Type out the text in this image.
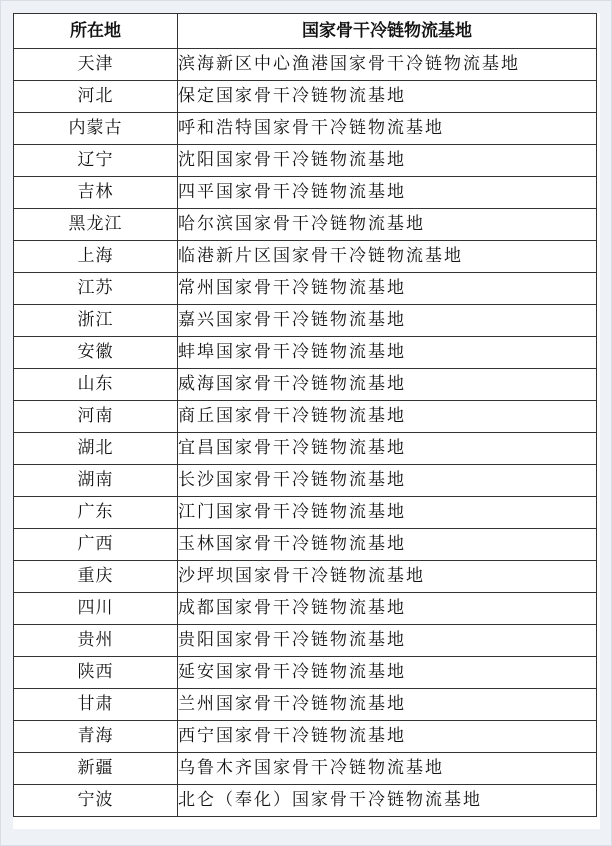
所在地	国家骨干冷链物流基地
天津	滨海新区中心渔港国家骨干冷链物流基地
河北	保定国家骨干冷链物流基地
内蒙古	呼和浩特国家骨干冷链物流基地
辽宁	沈阳国家骨干冷链物流基地
吉林	四平国家骨干冷链物流基地
黑龙江	哈尔滨国家骨干冷链物流基地
上海	临港新片区国家骨干冷链物流基地
江苏	常州国家骨干冷链物流基地
浙江	嘉兴国家骨干冷链物流基地
安徽	蚌埠国家骨干冷链物流基地
山东	威海国家骨干冷链物流基地
河南	商丘国家骨干冷链物流基地
湖北	宜昌国家骨干冷链物流基地
湖南	长沙国家骨干冷链物流基地
广东	江门国家骨干冷链物流基地
广西	玉林国家骨干冷链物流基地
重庆	沙坪坝国家骨干冷链物流基地
四川	成都国家骨干冷链物流基地
贵州	贵阳国家骨干冷链物流基地
陕西	延安国家骨干冷链物流基地
甘肃	兰州国家骨干冷链物流基地
青海	西宁国家骨干冷链物流基地
新疆	乌鲁木齐国家骨干冷链物流基地
宁波	北仑（奉化）国家骨干冷链物流基地
